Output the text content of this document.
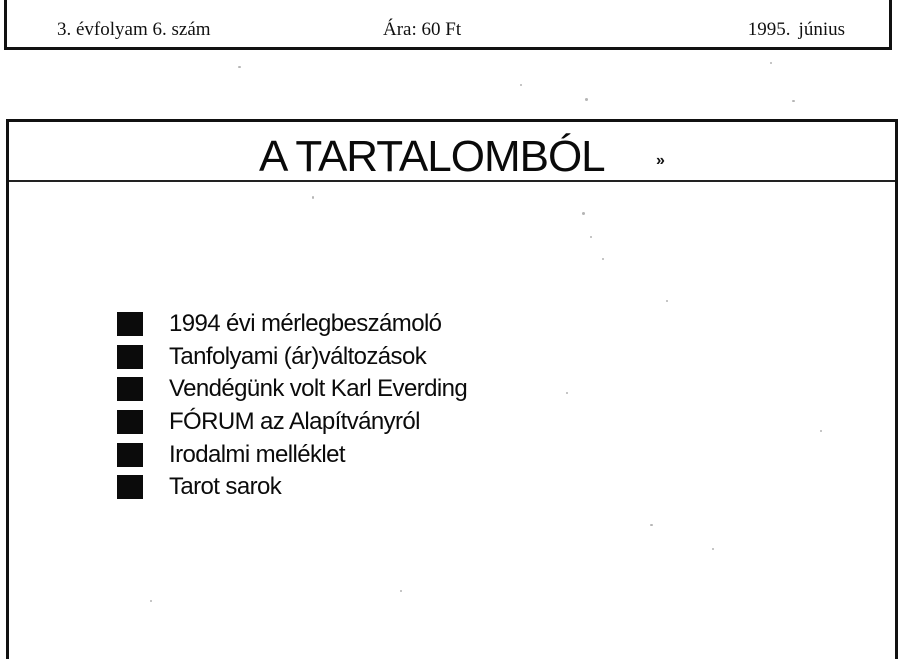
3. évfolyam 6. szám	Ára: 60 Ft	1995. június
A TARTALOMBÓL	»
1994 évi mérlegbeszámoló
Tanfolyami (ár)változások
Vendégünk volt Karl Everding
FÓRUM az Alapítványról
Irodalmi melléklet
Tarot sarok
